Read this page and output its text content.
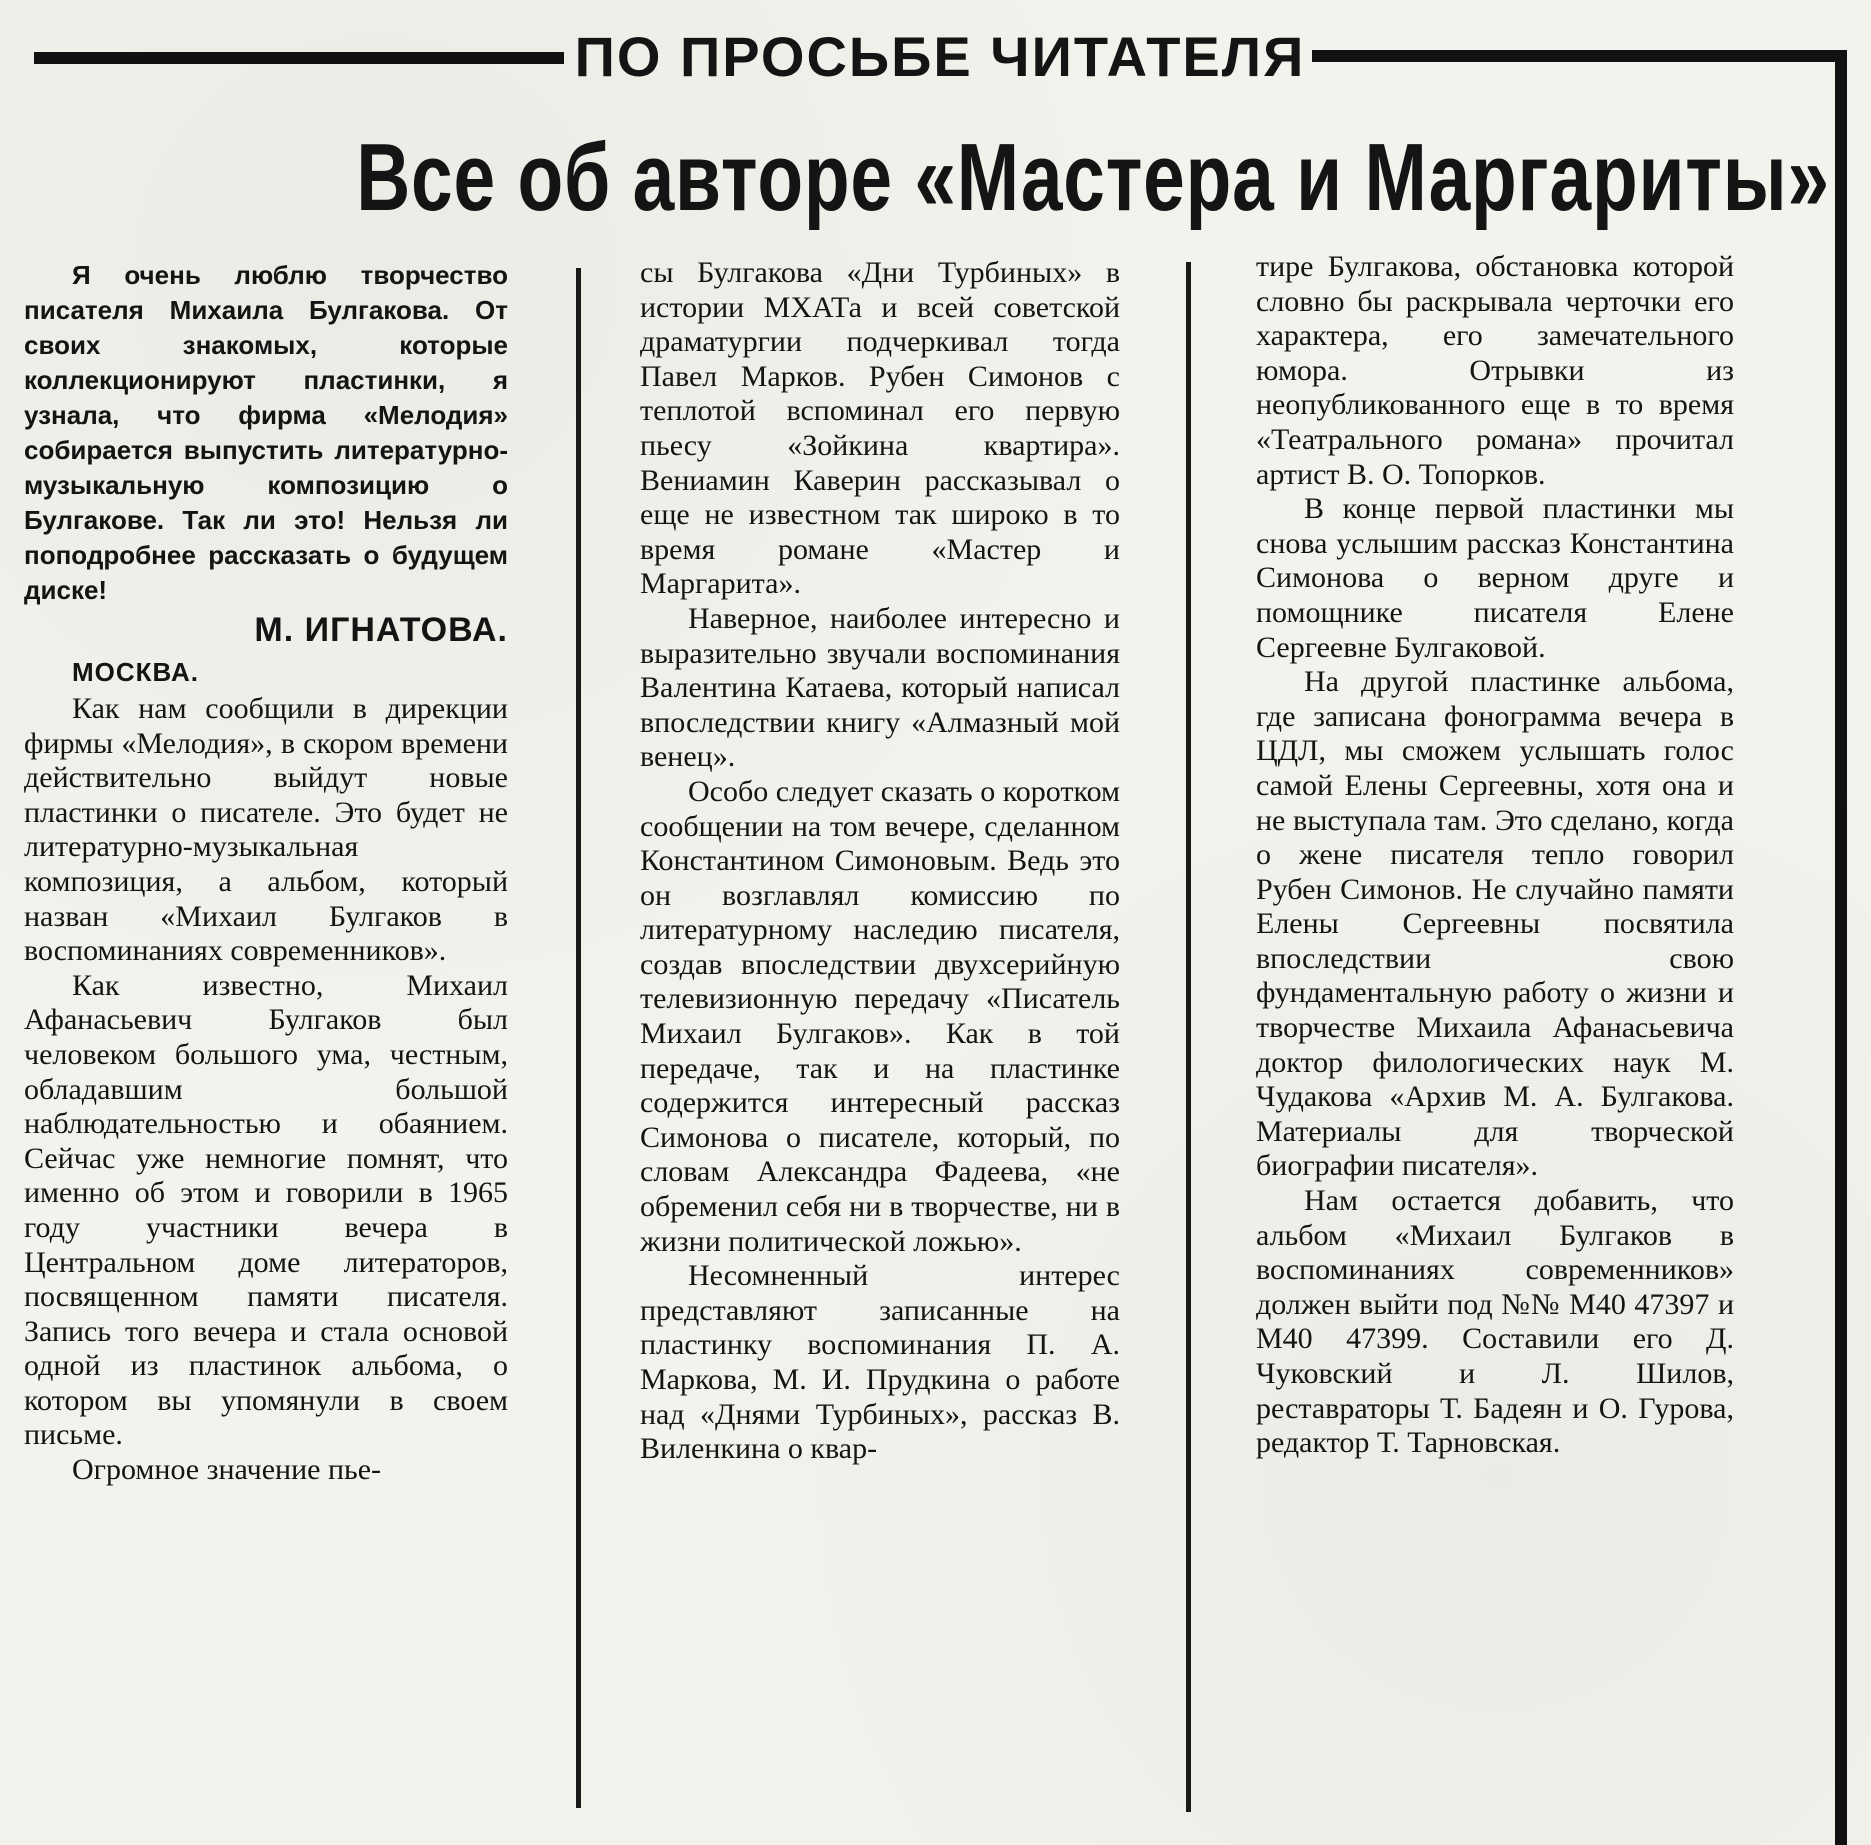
ПО ПРОСЬБЕ ЧИТАТЕЛЯ
Все об авторе «Мастера и Маргариты»

Я очень люблю творчество писателя Михаила Булгакова. От своих знакомых, которые коллекционируют пластинки, я узнала, что фирма «Мелодия» собирается выпустить литературно-музыкальную композицию о Булгакове. Так ли это! Нельзя ли поподробнее рассказать о будущем диске!

М. ИГНАТОВА.

МОСКВА.

Как нам сообщили в дирекции фирмы «Мелодия», в скором времени действительно выйдут новые пластинки о писателе. Это будет не литературно-музыкальная композиция, а альбом, который назван «Михаил Булгаков в воспоминаниях современников».

Как известно, Михаил Афанасьевич Булгаков был человеком большого ума, честным, обладавшим большой наблюдательностью и обаянием. Сейчас уже немногие помнят, что именно об этом и говорили в 1965 году участники вечера в Центральном доме литераторов, посвященном памяти писателя. Запись того вечера и стала основой одной из пластинок альбома, о котором вы упомянули в своем письме.

Огромное значение пье-

сы Булгакова «Дни Турбиных» в истории МХАТа и всей советской драматургии подчеркивал тогда Павел Марков. Рубен Симонов с теплотой вспоминал его первую пьесу «Зойкина квартира». Вениамин Каверин рассказывал о еще не известном так широко в то время романе «Мастер и Маргарита».

Наверное, наиболее интересно и выразительно звучали воспоминания Валентина Катаева, который написал впоследствии книгу «Алмазный мой венец».

Особо следует сказать о коротком сообщении на том вечере, сделанном Константином Симоновым. Ведь это он возглавлял комиссию по литературному наследию писателя, создав впоследствии двухсерийную телевизионную передачу «Писатель Михаил Булгаков». Как в той передаче, так и на пластинке содержится интересный рассказ Симонова о писателе, который, по словам Александра Фадеева, «не обременил себя ни в творчестве, ни в жизни политической ложью».

Несомненный интерес представляют записанные на пластинку воспоминания П. А. Маркова, М. И. Прудкина о работе над «Днями Турбиных», рассказ В. Виленкина о квар-

тире Булгакова, обстановка которой словно бы раскрывала черточки его характера, его замечательного юмора. Отрывки из неопубликованного еще в то время «Театрального романа» прочитал артист В. О. Топорков.

В конце первой пластинки мы снова услышим рассказ Константина Симонова о верном друге и помощнике писателя Елене Сергеевне Булгаковой.

На другой пластинке альбома, где записана фонограмма вечера в ЦДЛ, мы сможем услышать голос самой Елены Сергеевны, хотя она и не выступала там. Это сделано, когда о жене писателя тепло говорил Рубен Симонов. Не случайно памяти Елены Сергеевны посвятила впоследствии свою фундаментальную работу о жизни и творчестве Михаила Афанасьевича доктор филологических наук М. Чудакова «Архив М. А. Булгакова. Материалы для творческой биографии писателя».

Нам остается добавить, что альбом «Михаил Булгаков в воспоминаниях современников» должен выйти под №№ М40 47397 и М40 47399. Составили его Д. Чуковский и Л. Шилов, реставраторы Т. Бадеян и О. Гурова, редактор Т. Тарновская.
